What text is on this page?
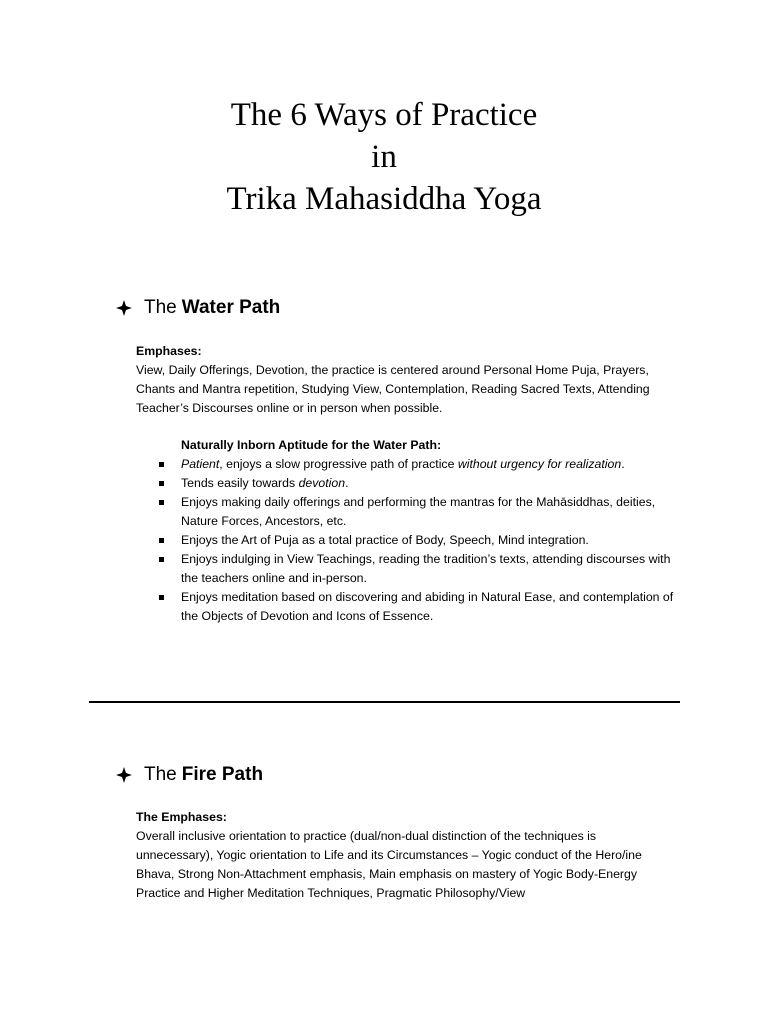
The 6 Ways of Practice
in
Trika Mahasiddha Yoga
The Water Path
Emphases:
View, Daily Offerings, Devotion, the practice is centered around Personal Home Puja, Prayers, Chants and Mantra repetition, Studying View, Contemplation, Reading Sacred Texts, Attending Teacher’s Discourses online or in person when possible.
Naturally Inborn Aptitude for the Water Path:
Patient, enjoys a slow progressive path of practice without urgency for realization.
Tends easily towards devotion.
Enjoys making daily offerings and performing the mantras for the Mahāsiddhas, deities, Nature Forces, Ancestors, etc.
Enjoys the Art of Puja as a total practice of Body, Speech, Mind integration.
Enjoys indulging in View Teachings, reading the tradition’s texts, attending discourses with the teachers online and in-person.
Enjoys meditation based on discovering and abiding in Natural Ease, and contemplation of the Objects of Devotion and Icons of Essence.
The Fire Path
The Emphases:
Overall inclusive orientation to practice (dual/non-dual distinction of the techniques is unnecessary), Yogic orientation to Life and its Circumstances – Yogic conduct of the Hero/ine Bhava, Strong Non-Attachment emphasis, Main emphasis on mastery of Yogic Body-Energy Practice and Higher Meditation Techniques, Pragmatic Philosophy/View
